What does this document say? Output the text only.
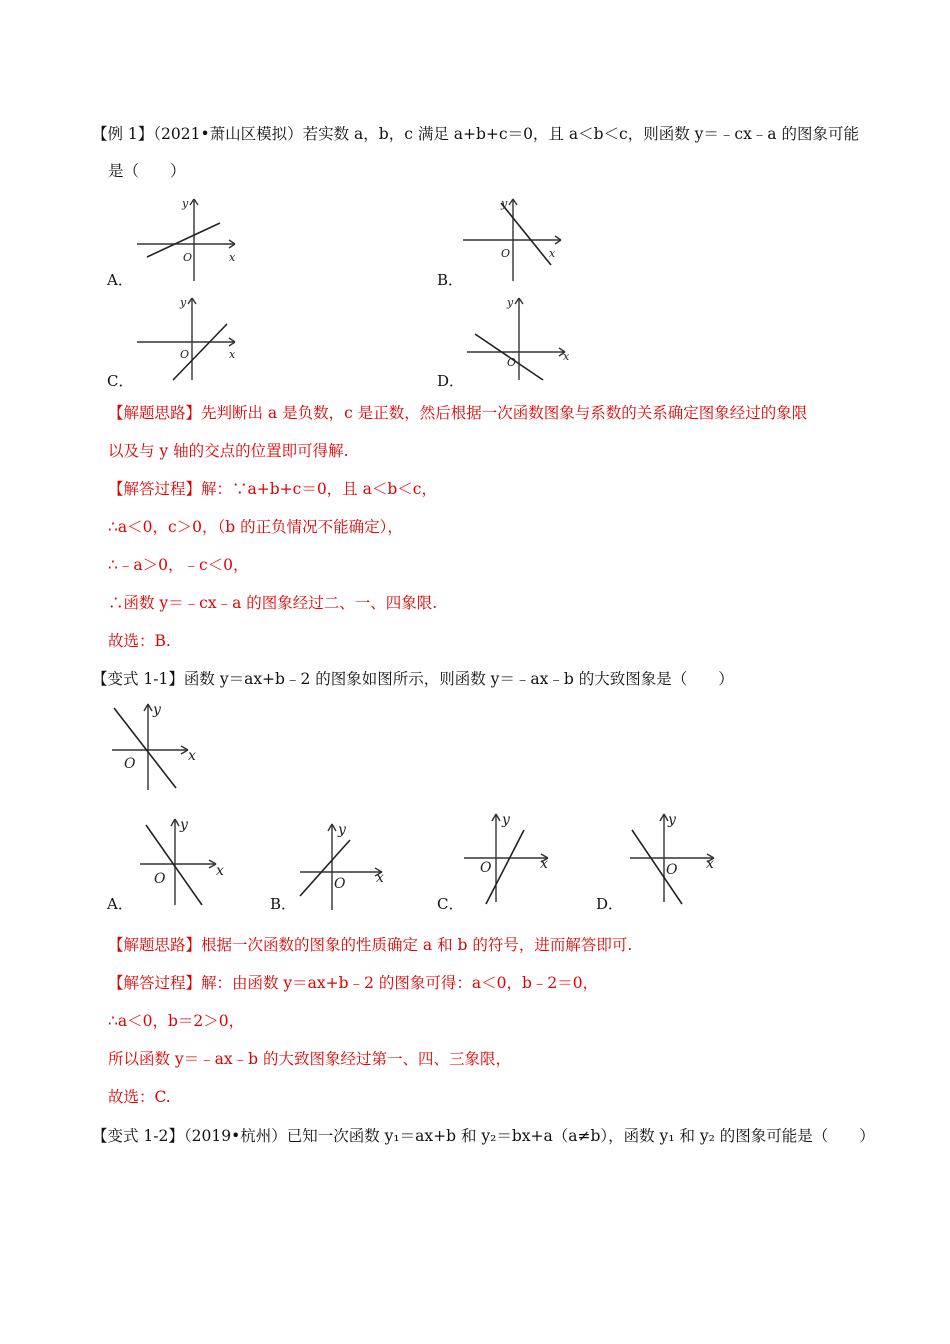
【例 1】（2021•萧山区模拟）若实数 a，b，c 满足 a+b+c＝0，且 a＜b＜c，则函数 y＝﹣cx﹣a 的图象可能
是（　　）
y
x
O
A．
y
x
O
B．
y
x
O
C．
y
x
O
D．
【解题思路】先判断出 a 是负数，c 是正数，然后根据一次函数图象与系数的关系确定图象经过的象限
以及与 y 轴的交点的位置即可得解.
【解答过程】解：∵a+b+c＝0，且 a＜b＜c，
∴a＜0，c＞0，（b 的正负情况不能确定），
∴﹣a＞0，﹣c＜0，
∴函数 y＝﹣cx﹣a 的图象经过二、一、四象限.
故选：B.
【变式 1-1】函数 y＝ax+b﹣2 的图象如图所示，则函数 y＝﹣ax﹣b 的大致图象是（　　）
y
x
O
y
x
O
A．
y
x
O
B．
y
x
O
C．
y
x
O
D．
【解题思路】根据一次函数的图象的性质确定 a 和 b 的符号，进而解答即可.
【解答过程】解：由函数 y＝ax+b﹣2 的图象可得：a＜0，b﹣2＝0，
∴a＜0，b＝2＞0，
所以函数 y＝﹣ax﹣b 的大致图象经过第一、四、三象限，
故选：C.
【变式 1-2】（2019•杭州）已知一次函数 y₁＝ax+b 和 y₂＝bx+a（a≠b），函数 y₁ 和 y₂ 的图象可能是（　　）
